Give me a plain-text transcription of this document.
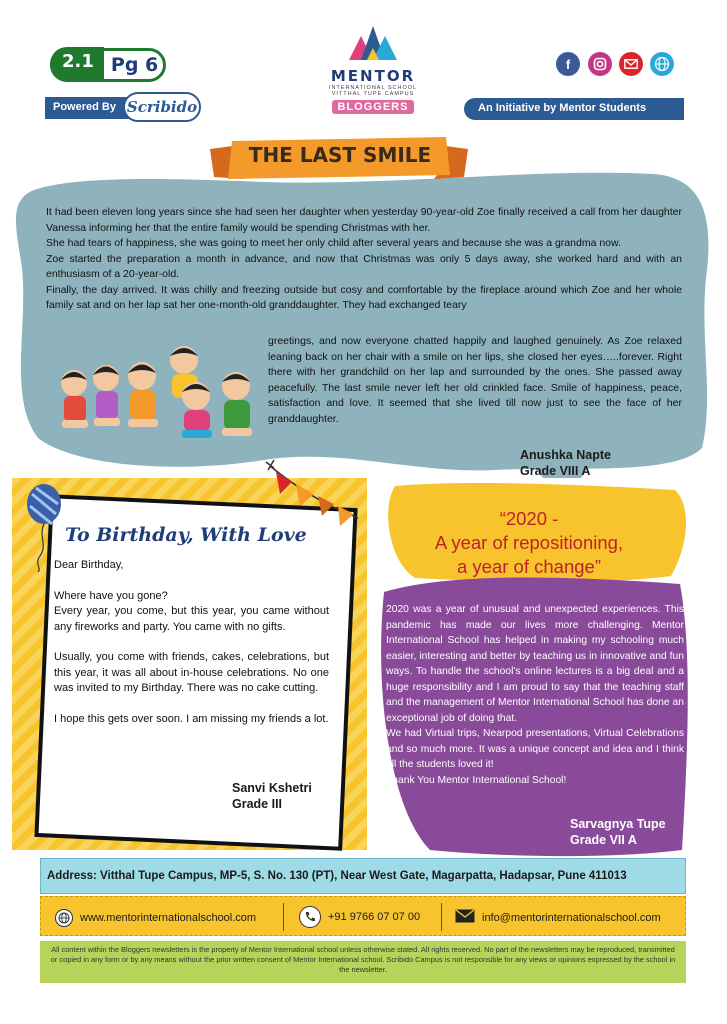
2.1 Pg 6
Powered By Scribido
MENTOR
INTERNATIONAL SCHOOL
VITTHAL TUPE CAMPUS
BLOGGERS
f
An Initiative by Mentor Students
THE LAST SMILE

It had been eleven long years since she had seen her daughter when yesterday 90-year-old Zoe finally received a call from her daughter Vanessa informing her that the entire family would be spending Christmas with her.

She had tears of happiness, she was going to meet her only child after several years and because she was a grandma now.

Zoe started the preparation a month in advance, and now that Christmas was only 5 days away, she worked hard and with an enthusiasm of a 20-year-old.

Finally, the day arrived. It was chilly and freezing outside but cosy and comfortable by the fireplace around which Zoe and her whole family sat and on her lap sat her one-month-old granddaughter. They had exchanged teary

greetings, and now everyone chatted happily and laughed genuinely. As Zoe relaxed leaning back on her chair with a smile on her lips, she closed her eyes…..forever. Right there with her grandchild on her lap and surrounded by the ones. She passed away peacefully. The last smile never left her old crinkled face. Smile of happiness, peace, satisfaction and love. It seemed that she lived till now just to see the face of her granddaughter.
Anushka Napte
Grade VIII A
To Birthday, With Love
Dear Birthday,
Where have you gone?
Every year, you come, but this year, you came without any fireworks and party. You came with no gifts.
Usually, you come with friends, cakes, celebrations, but this year, it was all about in-house celebrations. No one was invited to my Birthday. There was no cake cutting.
I hope this gets over soon. I am missing my friends a lot.
Sanvi Kshetri
Grade III
“2020 -
A year of repositioning,
a year of change”
2020 was a year of unusual and unexpected experiences. This pandemic has made our lives more challenging. Mentor International School has helped in making my schooling much easier, interesting and better by teaching us in innovative and fun ways. To handle the school's online lectures is a big deal and a huge responsibility and I am proud to say that the teaching staff and the management of Mentor International School has done an exceptional job of doing that.
We had Virtual trips, Nearpod presentations, Virtual Celebrations and so much more. It was a unique concept and idea and I think all the students loved it!
Thank You Mentor International School!
Sarvagnya Tupe
Grade VII A
Address: Vitthal Tupe Campus, MP-5, S. No. 130 (PT), Near West Gate, Magarpatta, Hadapsar, Pune 411013
www.mentorinternationalschool.com	+91 9766 07 07 00	info@mentorinternationalschool.com
All content within the Bloggers newsletters is the property of Mentor International school unless otherwise stated. All rights reserved. No part of the newsletters may be reproduced, transmitted or copied in any form or by any means without the prior written consent of Mentor International school. Scribido Campus is not responsible for any views or opinions expressed by the school in the newsletter.
